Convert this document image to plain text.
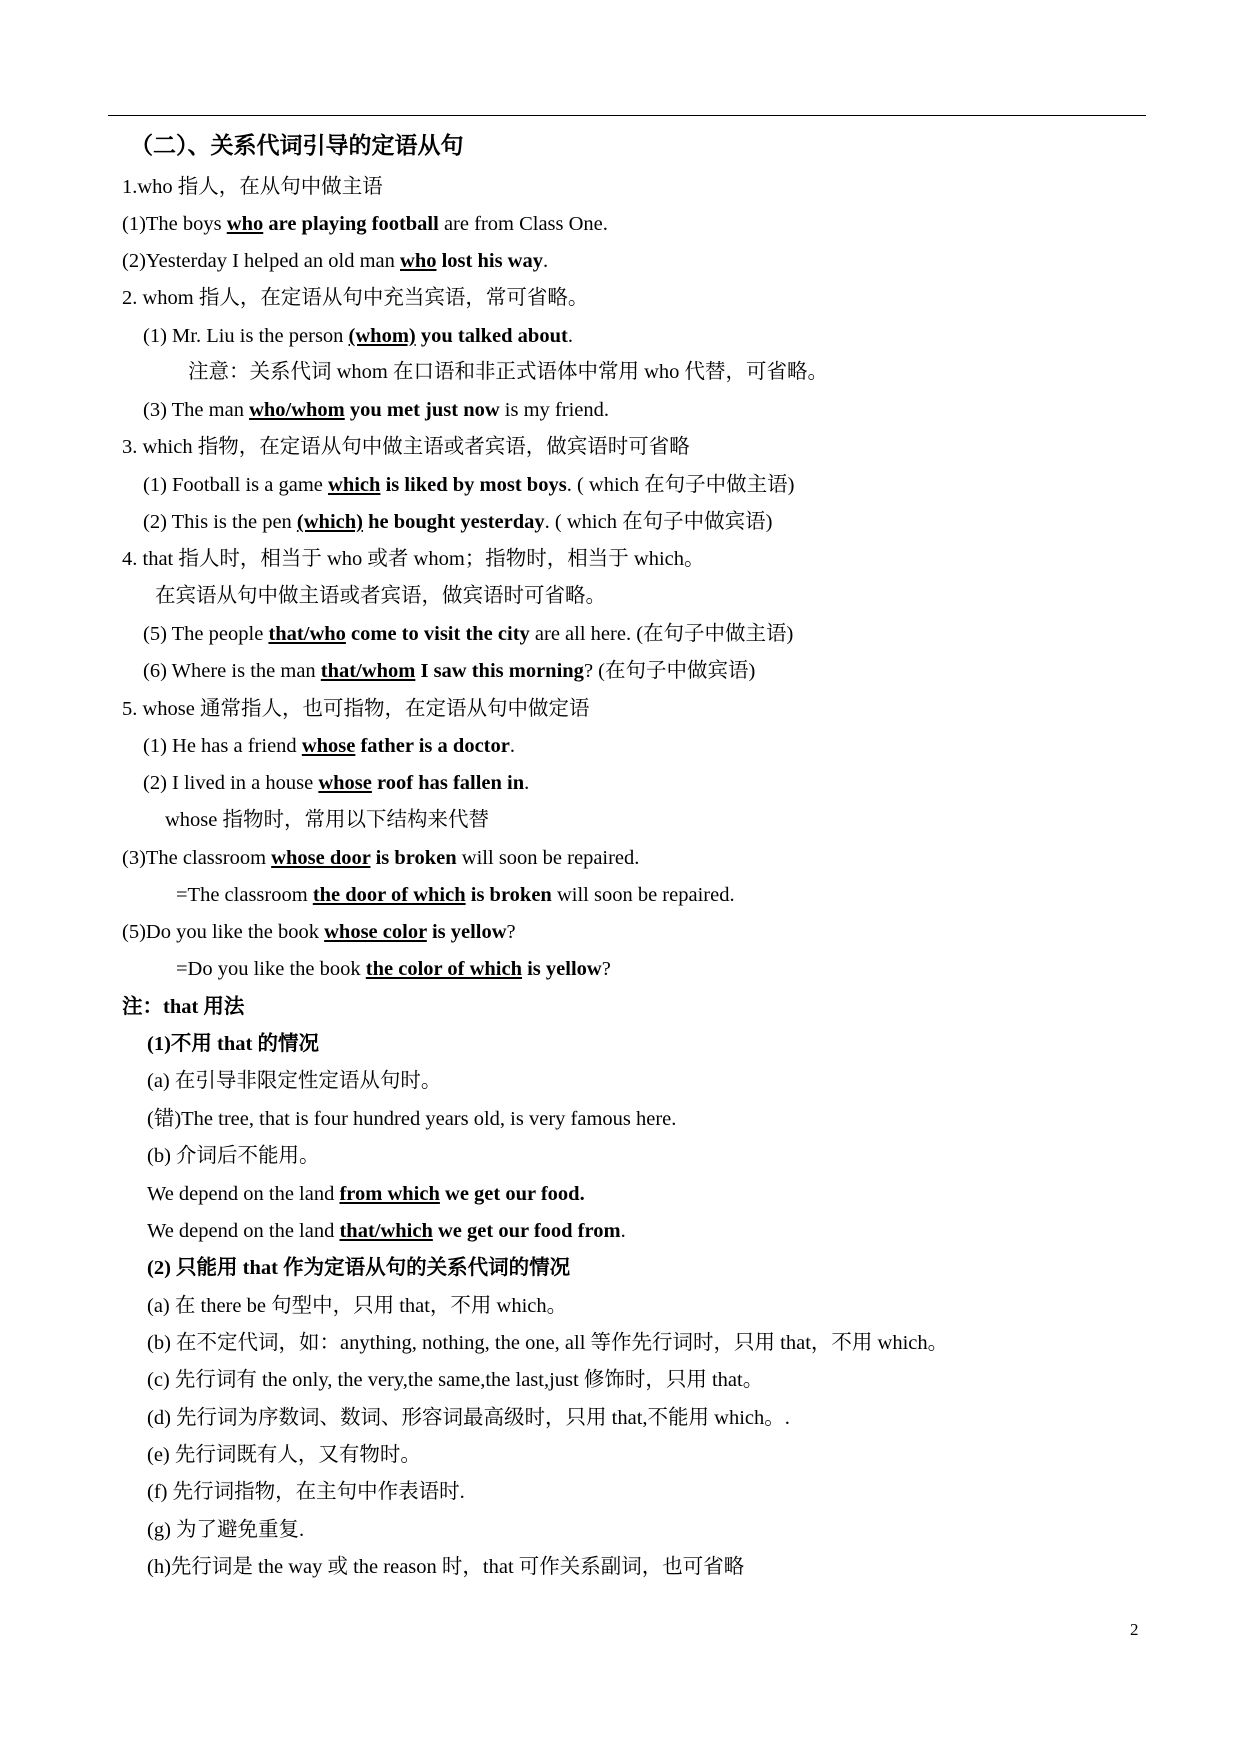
（二）、关系代词引导的定语从句
1.who 指人，在从句中做主语
(1)The boys who are playing football are from Class One.
(2)Yesterday I helped an old man who lost his way.
2. whom 指人，在定语从句中充当宾语，常可省略。
(1) Mr. Liu is the person (whom) you talked about.
注意：关系代词 whom 在口语和非正式语体中常用 who 代替，可省略。
(3) The man who/whom you met just now is my friend.
3. which 指物，在定语从句中做主语或者宾语，做宾语时可省略
(1) Football is a game which is liked by most boys. ( which 在句子中做主语)
(2) This is the pen (which) he bought yesterday. ( which 在句子中做宾语)
4. that 指人时，相当于 who 或者 whom；指物时，相当于 which。
在宾语从句中做主语或者宾语，做宾语时可省略。
(5) The people that/who come to visit the city are all here. (在句子中做主语)
(6) Where is the man that/whom I saw this morning? (在句子中做宾语)
5. whose 通常指人，也可指物，在定语从句中做定语
(1) He has a friend whose father is a doctor.
(2) I lived in a house whose roof has fallen in.
whose 指物时，常用以下结构来代替
(3)The classroom whose door is broken will soon be repaired.
=The classroom the door of which is broken will soon be repaired.
(5)Do you like the book whose color is yellow?
=Do you like the book the color of which is yellow?
注：that 用法
(1)不用 that 的情况
(a) 在引导非限定性定语从句时。
(错)The tree, that is four hundred years old, is very famous here.
(b) 介词后不能用。
We depend on the land from which we get our food.
We depend on the land that/which we get our food from.
(2) 只能用 that 作为定语从句的关系代词的情况
(a) 在 there be 句型中，只用 that，不用 which。
(b) 在不定代词，如：anything, nothing, the one, all 等作先行词时，只用 that，不用 which。
(c) 先行词有 the only, the very,the same,the last,just 修饰时，只用 that。
(d) 先行词为序数词、数词、形容词最高级时，只用 that,不能用 which。.
(e) 先行词既有人，又有物时。
(f) 先行词指物，在主句中作表语时.
(g) 为了避免重复.
(h)先行词是 the way 或 the reason 时，that 可作关系副词，也可省略
2
